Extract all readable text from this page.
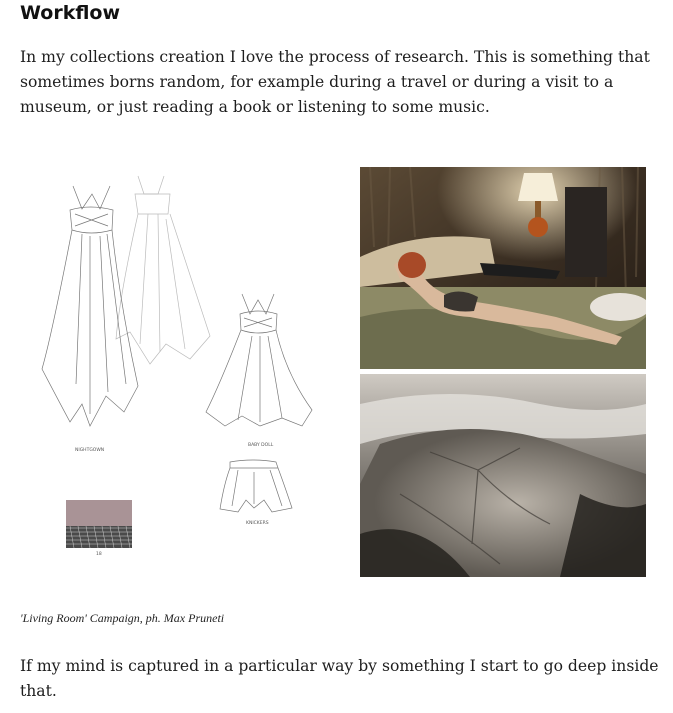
Workflow

In my collections creation I love the process of research. This is something that sometimes borns random, for example during a travel or during a visit to a museum, or just reading a book or listening to some music.

NIGHTGOWN
BABY DOLL
KNICKERS
18
'Living Room' Campaign, ph. Max Pruneti

If my mind is captured in a particular way by something I start to go deep inside that.
